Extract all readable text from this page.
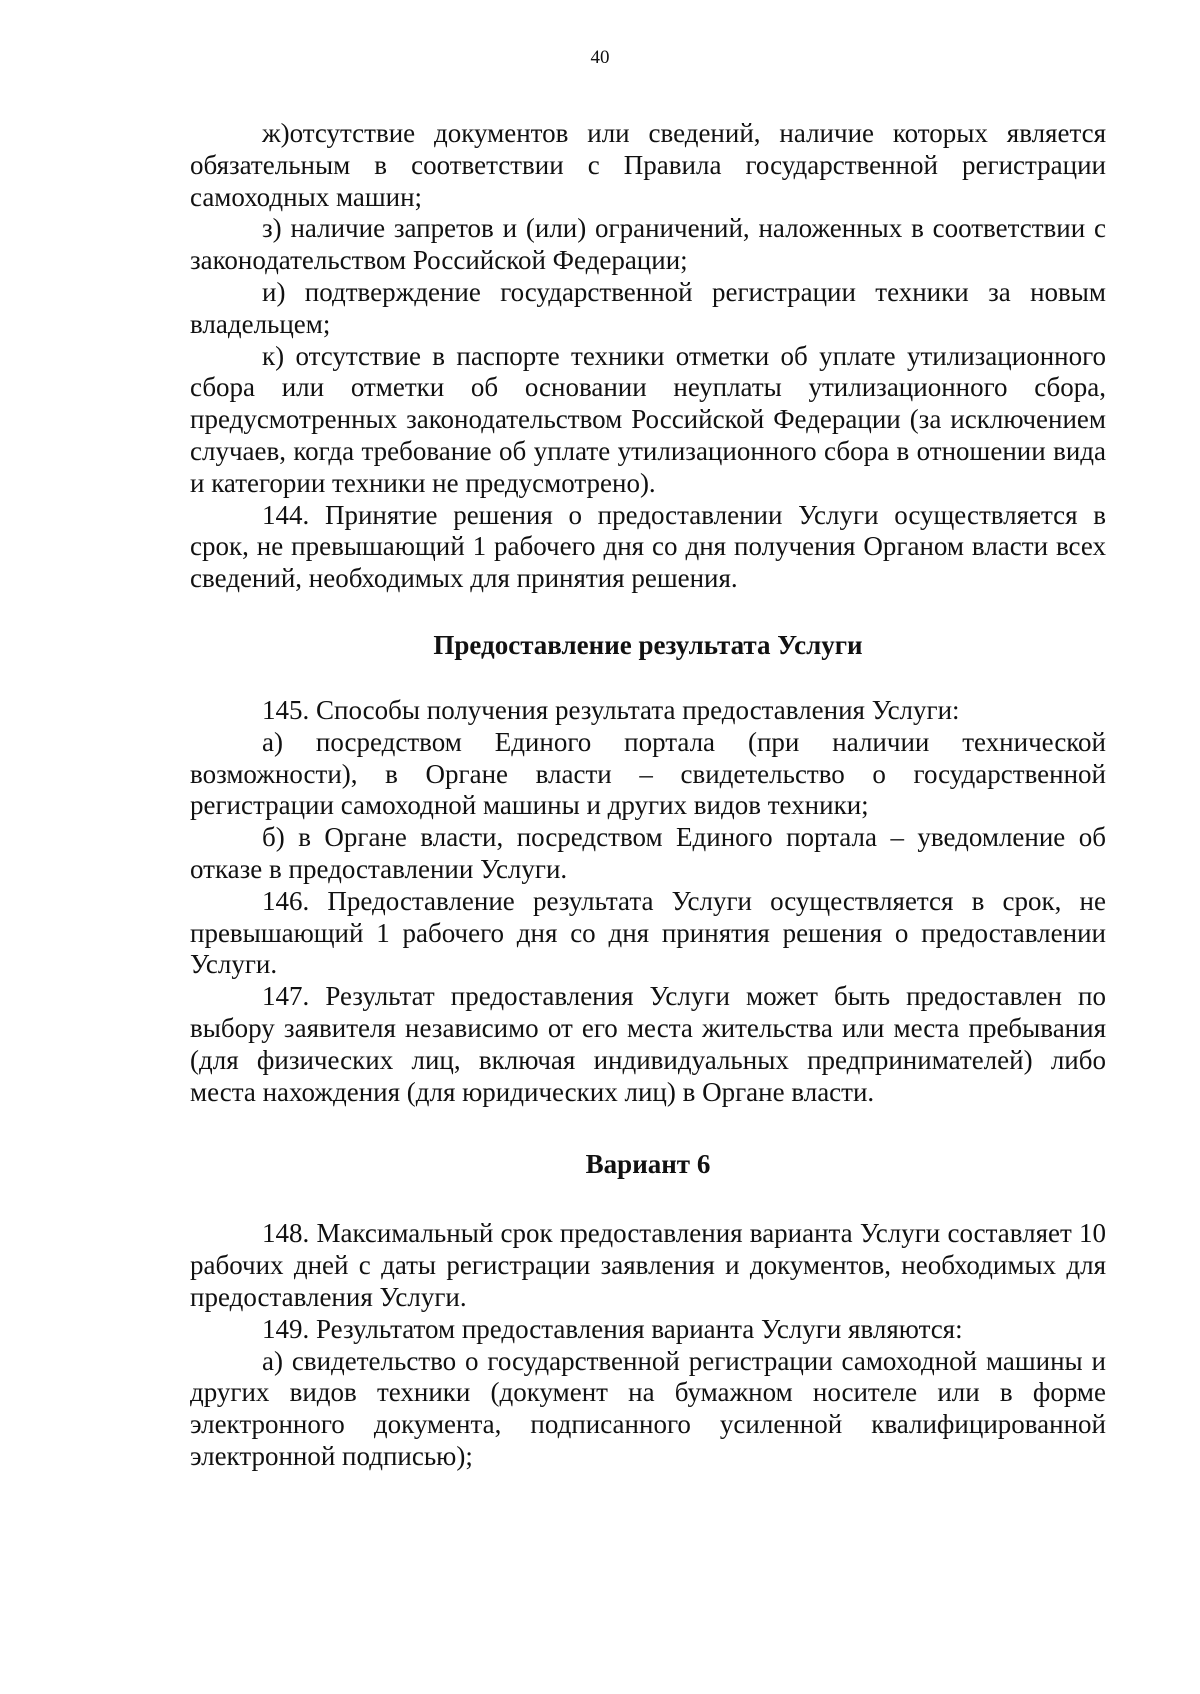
40

ж)отсутствие документов или сведений, наличие которых является обязательным в соответствии с Правила государственной регистрации самоходных машин;

з) наличие запретов и (или) ограничений, наложенных в соответствии с законодательством Российской Федерации;

и) подтверждение государственной регистрации техники за новым владельцем;

к) отсутствие в паспорте техники отметки об уплате утилизационного сбора или отметки об основании неуплаты утилизационного сбора, предусмотренных законодательством Российской Федерации (за исключением случаев, когда требование об уплате утилизационного сбора в отношении вида и категории техники не предусмотрено).

144. Принятие решения о предоставлении Услуги осуществляется в срок, не превышающий 1 рабочего дня со дня получения Органом власти всех сведений, необходимых для принятия решения.

Предоставление результата Услуги

145. Способы получения результата предоставления Услуги:

а) посредством Единого портала (при наличии технической возможности), в Органе власти – свидетельство о государственной регистрации самоходной машины и других видов техники;

б) в Органе власти, посредством Единого портала – уведомление об отказе в предоставлении Услуги.

146. Предоставление результата Услуги осуществляется в срок, не превышающий 1 рабочего дня со дня принятия решения о предоставлении Услуги.

147. Результат предоставления Услуги может быть предоставлен по выбору заявителя независимо от его места жительства или места пребывания (для физических лиц, включая индивидуальных предпринимателей) либо места нахождения (для юридических лиц) в Органе власти.

Вариант 6

148. Максимальный срок предоставления варианта Услуги составляет 10 рабочих дней с даты регистрации заявления и документов, необходимых для предоставления Услуги.

149. Результатом предоставления варианта Услуги являются:

а) свидетельство о государственной регистрации самоходной машины и других видов техники (документ на бумажном носителе или в форме электронного документа, подписанного усиленной квалифицированной электронной подписью);
